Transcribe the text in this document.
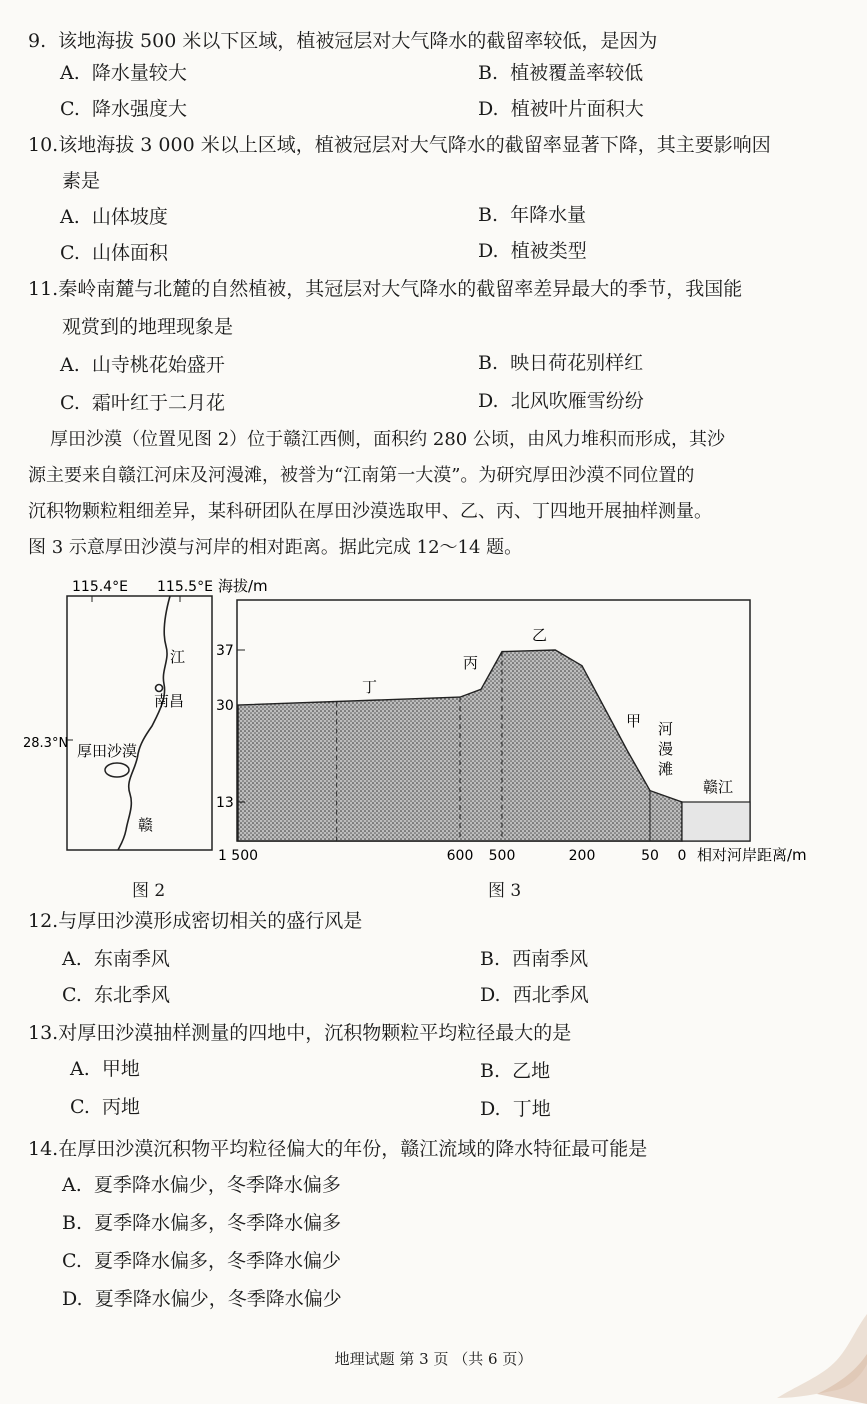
9. 该地海拔 500 米以下区域，植被冠层对大气降水的截留率较低，是因为
A. 降水量较大	B. 植被覆盖率较低
C. 降水强度大	D. 植被叶片面积大
10.该地海拔 3 000 米以上区域，植被冠层对大气降水的截留率显著下降，其主要影响因
素是
A. 山体坡度	B. 年降水量
C. 山体面积	D. 植被类型
11.秦岭南麓与北麓的自然植被，其冠层对大气降水的截留率差异最大的季节，我国能
观赏到的地理现象是
A. 山寺桃花始盛开	B. 映日荷花别样红
C. 霜叶红于二月花	D. 北风吹雁雪纷纷

厚田沙漠（位置见图 2）位于赣江西侧，面积约 280 公顷，由风力堆积而形成，其沙

源主要来自赣江河床及河漫滩，被誉为“江南第一大漠”。为研究厚田沙漠不同位置的

沉积物颗粒粗细差异，某科研团队在厚田沙漠选取甲、乙、丙、丁四地开展抽样测量。

图 3 示意厚田沙漠与河岸的相对距离。据此完成 12～14 题。

115.4°E 115.5°E
南昌
厚田沙漠
江
赣
28.3°N
图 2
海拔/m
37
30
13
1 500	600 500	200	50 0
丁
丙
乙
甲 河
漫
滩
赣江
相对河岸距离/m
图 3
12.与厚田沙漠形成密切相关的盛行风是
A. 东南季风	B. 西南季风
C. 东北季风	D. 西北季风
13.对厚田沙漠抽样测量的四地中，沉积物颗粒平均粒径最大的是
A. 甲地	B. 乙地
C. 丙地	D. 丁地
14.在厚田沙漠沉积物平均粒径偏大的年份，赣江流域的降水特征最可能是
A. 夏季降水偏少，冬季降水偏多
B. 夏季降水偏多，冬季降水偏多
C. 夏季降水偏多，冬季降水偏少
D. 夏季降水偏少，冬季降水偏少
地理试题 第 3 页 （共 6 页）
